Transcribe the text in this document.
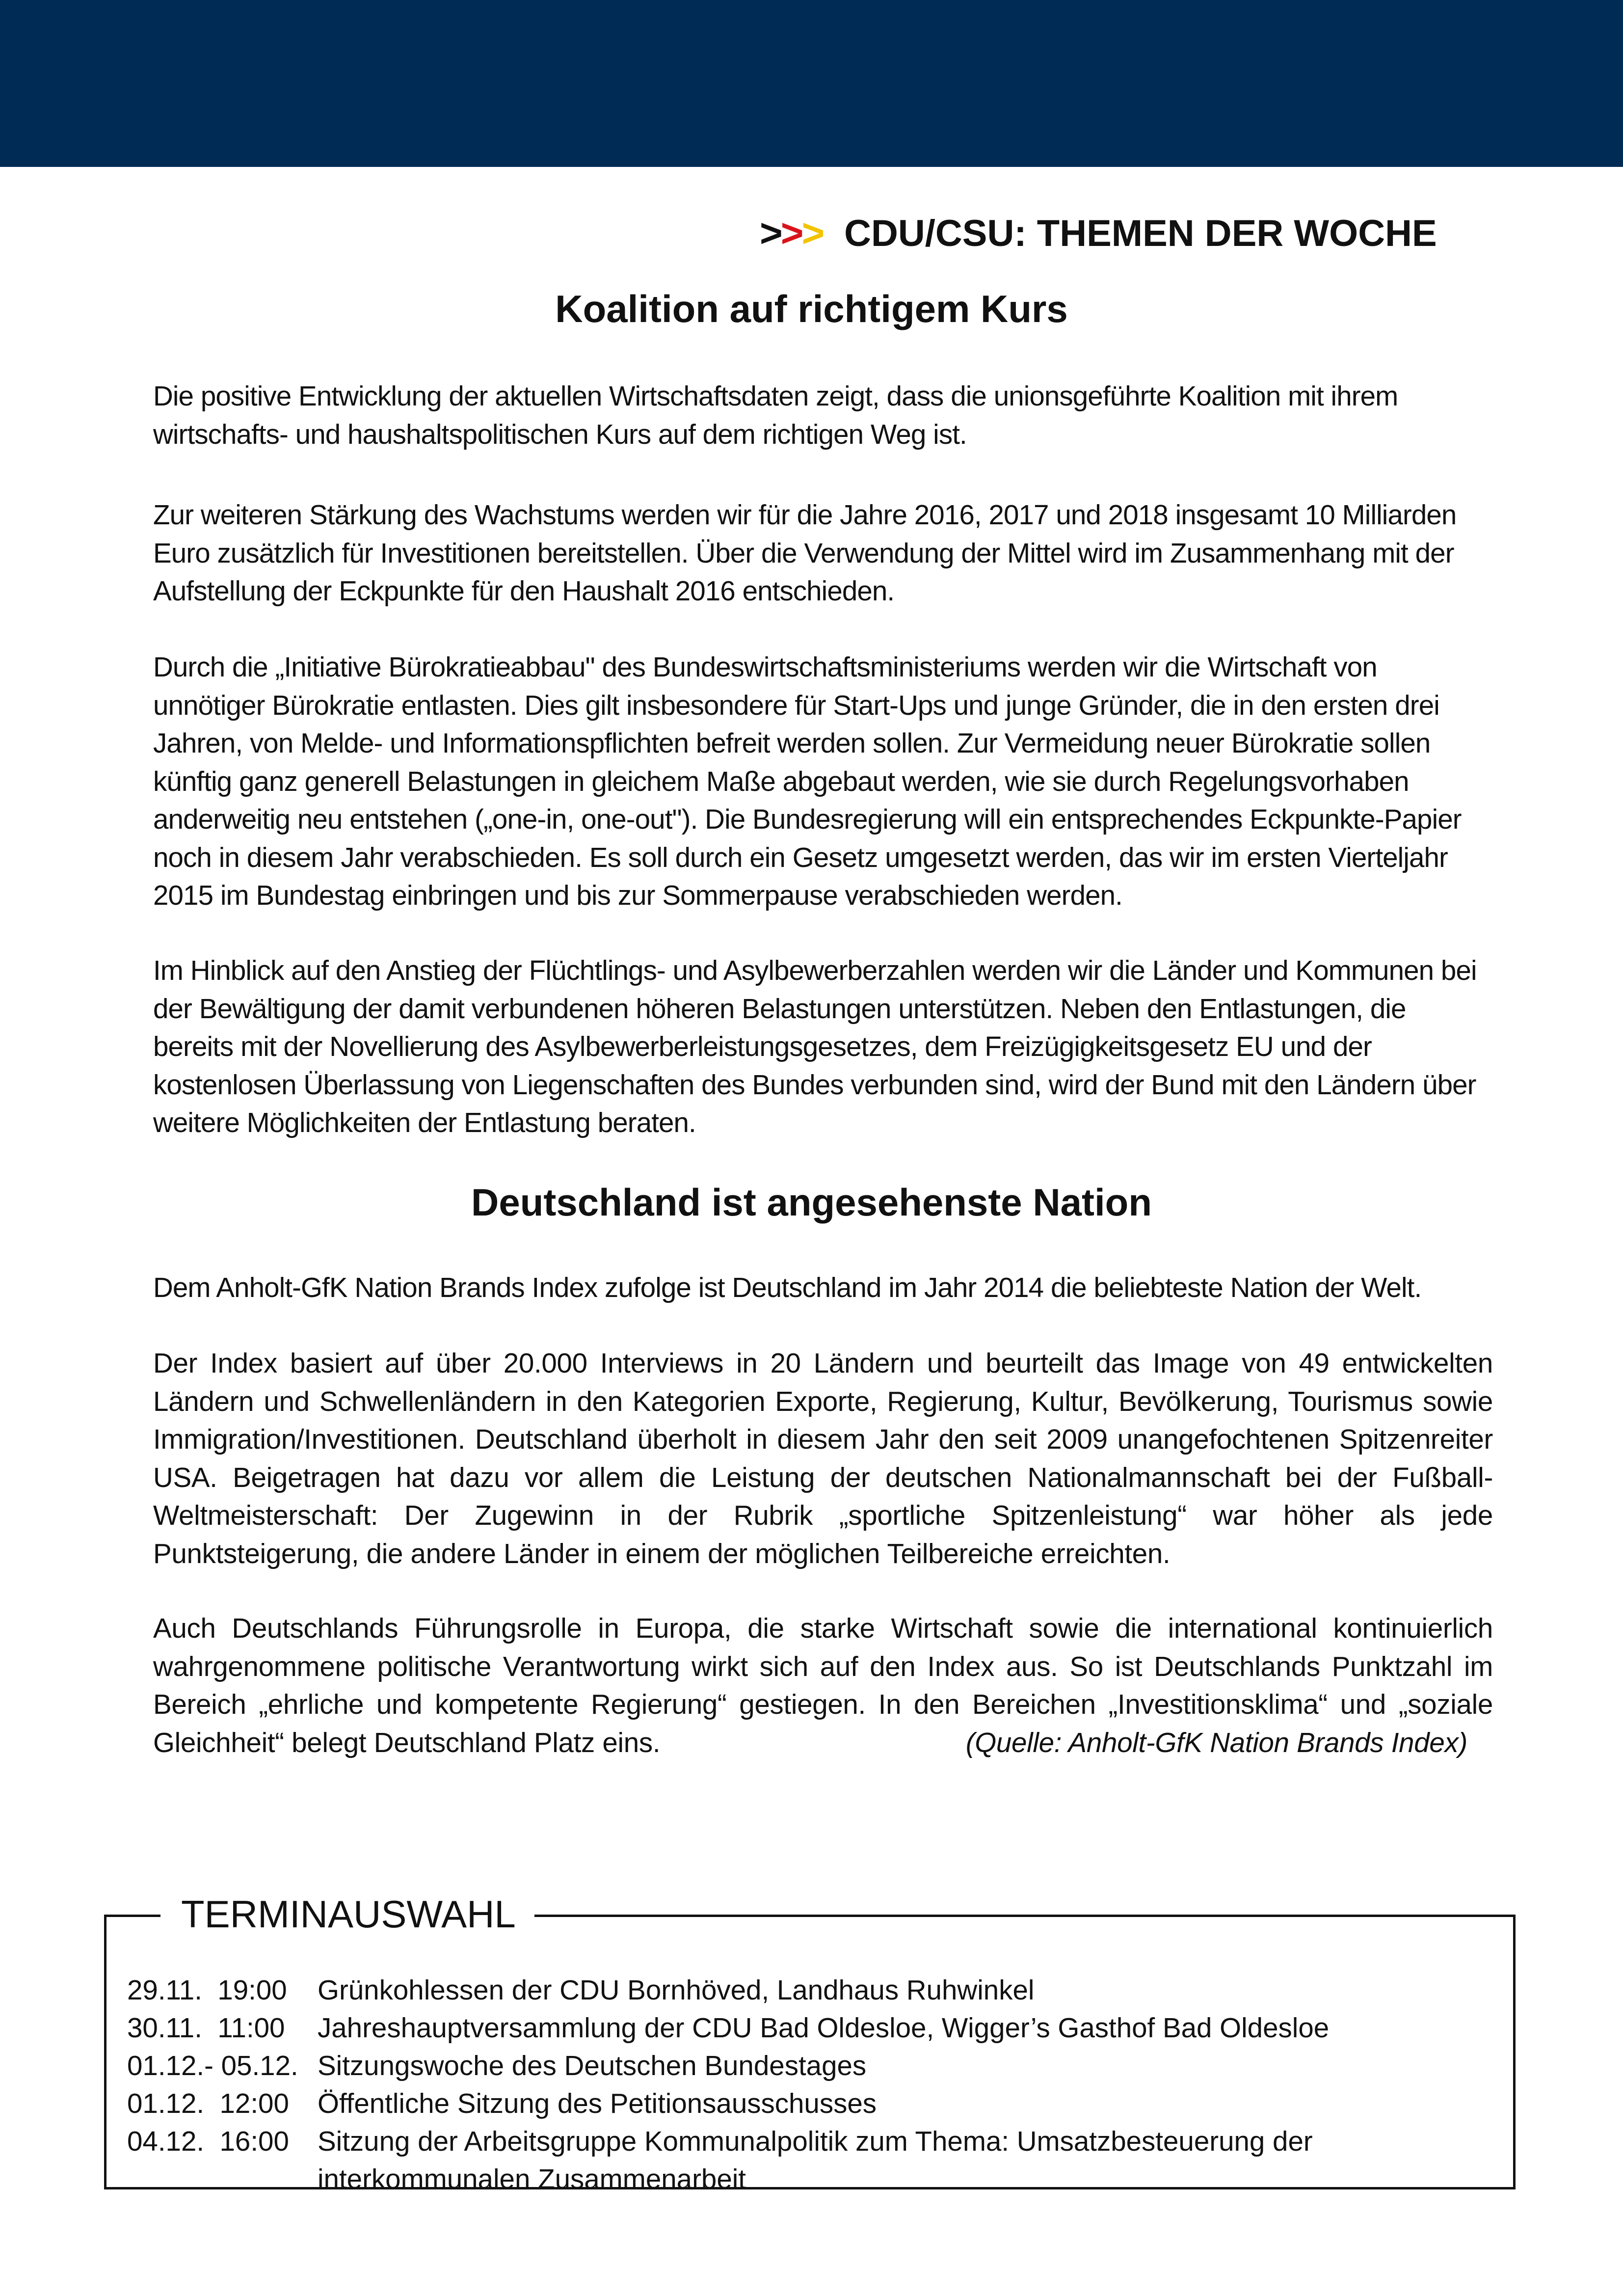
>>> CDU/CSU: THEMEN DER WOCHE
Koalition auf richtigem Kurs

Die positive Entwicklung der aktuellen Wirtschaftsdaten zeigt, dass die unionsgeführte Koalition mit ihrem wirtschafts- und haushaltspolitischen Kurs auf dem richtigen Weg ist.

Zur weiteren Stärkung des Wachstums werden wir für die Jahre 2016, 2017 und 2018 insgesamt 10 Milliarden Euro zusätzlich für Investitionen bereitstellen. Über die Verwendung der Mittel wird im Zusammenhang mit der Aufstellung der Eckpunkte für den Haushalt 2016 entschieden.

Durch die „Initiative Bürokratieabbau" des Bundeswirtschaftsministeriums werden wir die Wirtschaft von unnötiger Bürokratie entlasten. Dies gilt insbesondere für Start-Ups und junge Gründer, die in den ersten drei Jahren, von Melde- und Informationspflichten befreit werden sollen. Zur Vermeidung neuer Bürokratie sollen künftig ganz generell Belastungen in gleichem Maße abgebaut werden, wie sie durch Regelungsvorhaben anderweitig neu entstehen („one-in, one-out"). Die Bundesregierung will ein entsprechendes Eckpunkte-Papier noch in diesem Jahr verabschieden. Es soll durch ein Gesetz umgesetzt werden, das wir im ersten Vierteljahr 2015 im Bundestag einbringen und bis zur Sommerpause verabschieden werden.

Im Hinblick auf den Anstieg der Flüchtlings- und Asylbewerberzahlen werden wir die Länder und Kommunen bei der Bewältigung der damit verbundenen höheren Belastungen unterstützen. Neben den Entlastungen, die bereits mit der Novellierung des Asylbewerberleistungsgesetzes, dem Freizügigkeitsgesetz EU und der kostenlosen Überlassung von Liegenschaften des Bundes verbunden sind, wird der Bund mit den Ländern über weitere Möglichkeiten der Entlastung beraten.

Deutschland ist angesehenste Nation

Dem Anholt-GfK Nation Brands Index zufolge ist Deutschland im Jahr 2014 die beliebteste Nation der Welt.

Der Index basiert auf über 20.000 Interviews in 20 Ländern und beurteilt das Image von 49 entwickelten Ländern und Schwellenländern in den Kategorien Exporte, Regierung, Kultur, Bevölkerung, Tourismus sowie Immigration/Investitionen. Deutschland überholt in diesem Jahr den seit 2009 unangefochtenen Spitzenreiter USA. Beigetragen hat dazu vor allem die Leistung der deutschen Nationalmannschaft bei der Fußball-Weltmeisterschaft: Der Zugewinn in der Rubrik „sportliche Spitzenleistung“ war höher als jede Punktsteigerung, die andere Länder in einem der möglichen Teilbereiche erreichten.

Auch Deutschlands Führungsrolle in Europa, die starke Wirtschaft sowie die international kontinuierlich wahrgenommene politische Verantwortung wirkt sich auf den Index aus. So ist Deutschlands Punktzahl im Bereich „ehrliche und kompetente Regierung“ gestiegen. In den Bereichen „Investitionsklima“ und „soziale Gleichheit“ belegt Deutschland Platz eins.	(Quelle: Anholt-GfK Nation Brands Index)

TERMINAUSWAHL
29.11.  19:00	Grünkohlessen der CDU Bornhöved, Landhaus Ruhwinkel
30.11.  11:00	Jahreshauptversammlung der CDU Bad Oldesloe, Wigger’s Gasthof Bad Oldesloe
01.12.- 05.12. Sitzungswoche des Deutschen Bundestages
01.12.  12:00	Öffentliche Sitzung des Petitionsausschusses
04.12.  16:00	Sitzung der Arbeitsgruppe Kommunalpolitik zum Thema: Umsatzbesteuerung der interkommunalen Zusammenarbeit
